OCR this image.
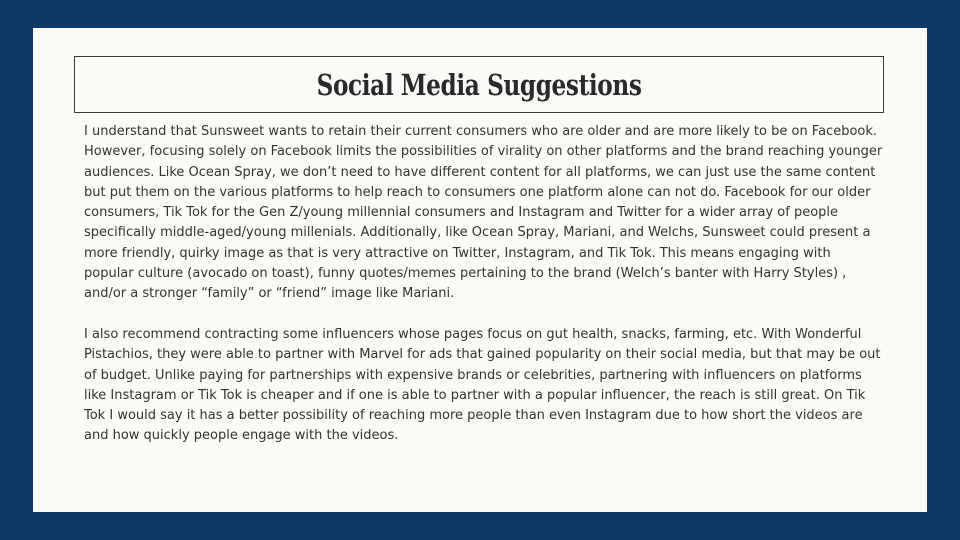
Social Media Suggestions

I understand that Sunsweet wants to retain their current consumers who are older and are more likely to be on Facebook. However, focusing solely on Facebook limits the possibilities of virality on other platforms and the brand reaching younger audiences. Like Ocean Spray, we don’t need to have different content for all platforms, we can just use the same content but put them on the various platforms to help reach to consumers one platform alone can not do. Facebook for our older consumers, Tik Tok for the Gen Z/young millennial consumers and Instagram and Twitter for a wider array of people specifically middle-aged/young millenials. Additionally, like Ocean Spray, Mariani, and Welchs, Sunsweet could present a more friendly, quirky image as that is very attractive on Twitter, Instagram, and Tik Tok. This means engaging with popular culture (avocado on toast), funny quotes/memes pertaining to the brand (Welch’s banter with Harry Styles) , and/or a stronger “family” or “friend” image like Mariani.

I also recommend contracting some influencers whose pages focus on gut health, snacks, farming, etc. With Wonderful Pistachios, they were able to partner with Marvel for ads that gained popularity on their social media, but that may be out of budget. Unlike paying for partnerships with expensive brands or celebrities, partnering with influencers on platforms like Instagram or Tik Tok is cheaper and if one is able to partner with a popular influencer, the reach is still great. On Tik Tok I would say it has a better possibility of reaching more people than even Instagram due to how short the videos are and how quickly people engage with the videos.
